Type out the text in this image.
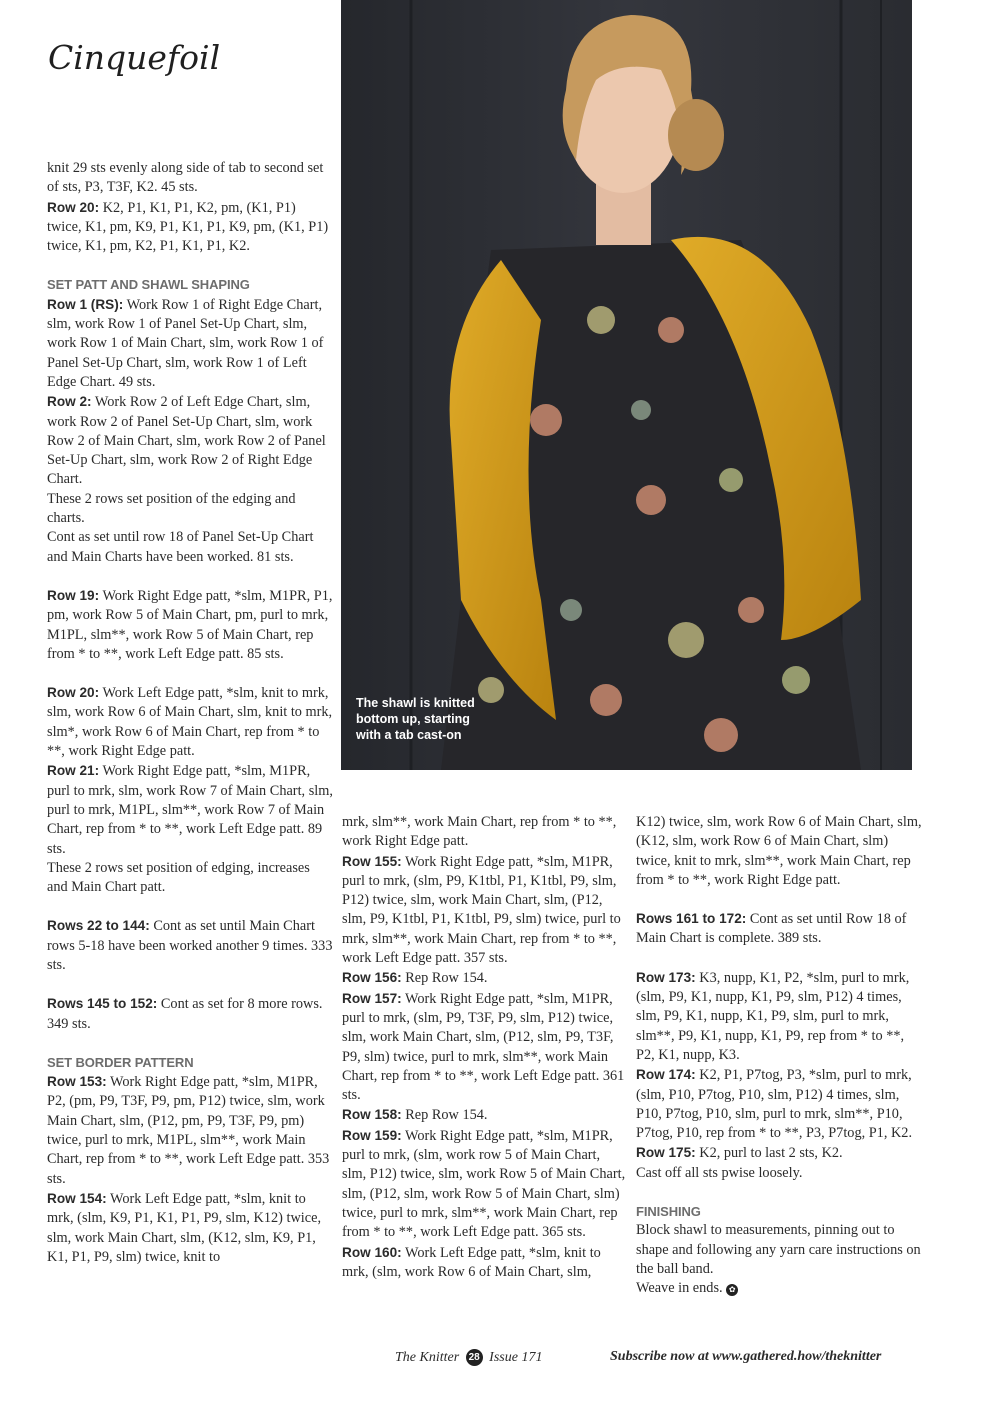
Cinquefoil

knit 29 sts evenly along side of tab to second set of sts, P3, T3F, K2. 45 sts.

Row 20: K2, P1, K1, P1, K2, pm, (K1, P1) twice, K1, pm, K9, P1, K1, P1, K9, pm, (K1, P1) twice, K1, pm, K2, P1, K1, P1, K2.

SET PATT AND SHAWL SHAPING

Row 1 (RS): Work Row 1 of Right Edge Chart, slm, work Row 1 of Panel Set-Up Chart, slm, work Row 1 of Main Chart, slm, work Row 1 of Panel Set-Up Chart, slm, work Row 1 of Left Edge Chart. 49 sts.

Row 2: Work Row 2 of Left Edge Chart, slm, work Row 2 of Panel Set-Up Chart, slm, work Row 2 of Main Chart, slm, work Row 2 of Panel Set-Up Chart, slm, work Row 2 of Right Edge Chart.

These 2 rows set position of the edging and charts.

Cont as set until row 18 of Panel Set-Up Chart and Main Charts have been worked. 81 sts.

Row 19: Work Right Edge patt, *slm, M1PR, P1, pm, work Row 5 of Main Chart, pm, purl to mrk, M1PL, slm**, work Row 5 of Main Chart, rep from * to **, work Left Edge patt. 85 sts.

Row 20: Work Left Edge patt, *slm, knit to mrk, slm, work Row 6 of Main Chart, slm, knit to mrk, slm*, work Row 6 of Main Chart, rep from * to **, work Right Edge patt.

Row 21: Work Right Edge patt, *slm, M1PR, purl to mrk, slm, work Row 7 of Main Chart, slm, purl to mrk, M1PL, slm**, work Row 7 of Main Chart, rep from * to **, work Left Edge patt. 89 sts.

These 2 rows set position of edging, increases and Main Chart patt.

Rows 22 to 144: Cont as set until Main Chart rows 5-18 have been worked another 9 times. 333 sts.

Rows 145 to 152: Cont as set for 8 more rows. 349 sts.

SET BORDER PATTERN

Row 153: Work Right Edge patt, *slm, M1PR, P2, (pm, P9, T3F, P9, pm, P12) twice, slm, work Main Chart, slm, (P12, pm, P9, T3F, P9, pm) twice, purl to mrk, M1PL, slm**, work Main Chart, rep from * to **, work Left Edge patt. 353 sts.

Row 154: Work Left Edge patt, *slm, knit to mrk, (slm, K9, P1, K1, P1, P9, slm, K12) twice, slm, work Main Chart, slm, (K12, slm, K9, P1, K1, P1, P9, slm) twice, knit to

The shawl is knitted bottom up, starting with a tab cast-on

mrk, slm**, work Main Chart, rep from * to **, work Right Edge patt.

Row 155: Work Right Edge patt, *slm, M1PR, purl to mrk, (slm, P9, K1tbl, P1, K1tbl, P9, slm, P12) twice, slm, work Main Chart, slm, (P12, slm, P9, K1tbl, P1, K1tbl, P9, slm) twice, purl to mrk, slm**, work Main Chart, rep from * to **, work Left Edge patt. 357 sts.

Row 156: Rep Row 154.

Row 157: Work Right Edge patt, *slm, M1PR, purl to mrk, (slm, P9, T3F, P9, slm, P12) twice, slm, work Main Chart, slm, (P12, slm, P9, T3F, P9, slm) twice, purl to mrk, slm**, work Main Chart, rep from * to **, work Left Edge patt. 361 sts.

Row 158: Rep Row 154.

Row 159: Work Right Edge patt, *slm, M1PR, purl to mrk, (slm, work row 5 of Main Chart, slm, P12) twice, slm, work Row 5 of Main Chart, slm, (P12, slm, work Row 5 of Main Chart, slm) twice, purl to mrk, slm**, work Main Chart, rep from * to **, work Left Edge patt. 365 sts.

Row 160: Work Left Edge patt, *slm, knit to mrk, (slm, work Row 6 of Main Chart, slm,

K12) twice, slm, work Row 6 of Main Chart, slm, (K12, slm, work Row 6 of Main Chart, slm) twice, knit to mrk, slm**, work Main Chart, rep from * to **, work Right Edge patt.

Rows 161 to 172: Cont as set until Row 18 of Main Chart is complete. 389 sts.

Row 173: K3, nupp, K1, P2, *slm, purl to mrk, (slm, P9, K1, nupp, K1, P9, slm, P12) 4 times, slm, P9, K1, nupp, K1, P9, slm, purl to mrk, slm**, P9, K1, nupp, K1, P9, rep from * to **, P2, K1, nupp, K3.

Row 174: K2, P1, P7tog, P3, *slm, purl to mrk, (slm, P10, P7tog, P10, slm, P12) 4 times, slm, P10, P7tog, P10, slm, purl to mrk, slm**, P10, P7tog, P10, rep from * to **, P3, P7tog, P1, K2.

Row 175: K2, purl to last 2 sts, K2.

Cast off all sts pwise loosely.

FINISHING

Block shawl to measurements, pinning out to shape and following any yarn care instructions on the ball band.

Weave in ends. ✿

The Knitter 28 Issue 171	Subscribe now at www.gathered.how/theknitter
